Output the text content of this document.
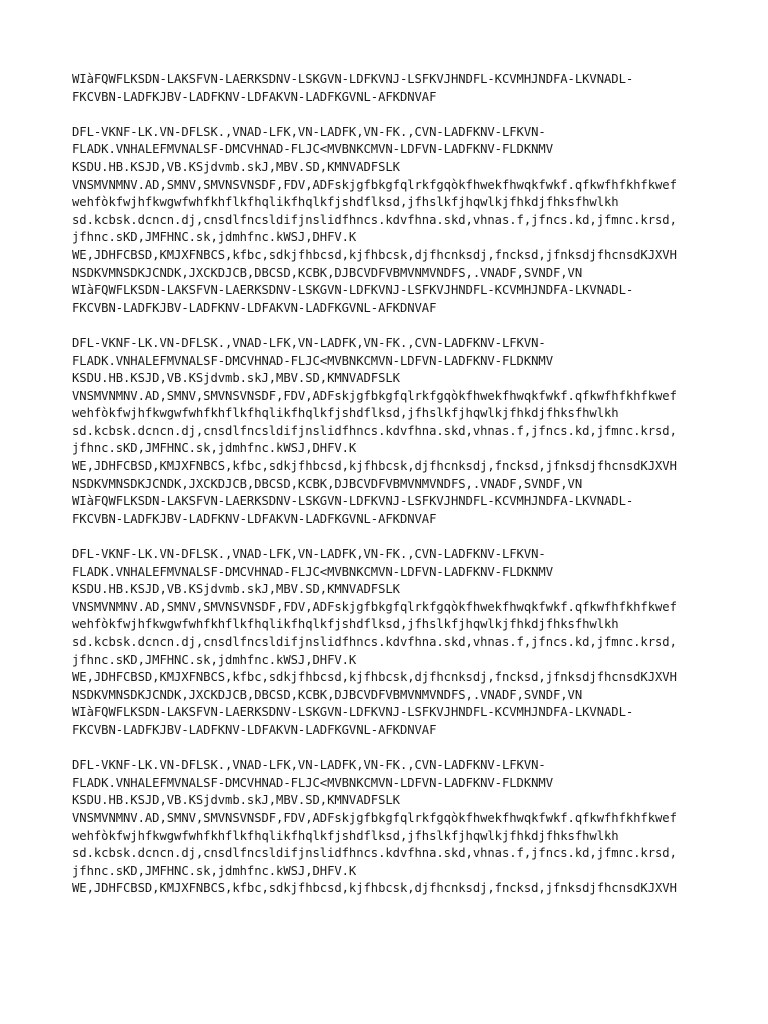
WIàFQWFLKSDN-LAKSFVN-LAERKSDNV-LSKGVN-LDFKVNJ-LSFKVJHNDFL-KCVMHJNDFA-LKVNADL-
FKCVBN-LADFKJBV-LADFKNV-LDFAKVN-LADFKGVNL-AFKDNVAF
DFL-VKNF-LK.VN-DFLSK.,VNAD-LFK,VN-LADFK,VN-FK.,CVN-LADFKNV-LFKVN-
FLADK.VNHALEFMVNALSF-DMCVHNAD-FLJC<MVBNKCMVN-LDFVN-LADFKNV-FLDKNMV
KSDU.HB.KSJD,VB.KSjdvmb.skJ,MBV.SD,KMNVADFSLK
VNSMVNMNV.AD,SMNV,SMVNSVNSDF,FDV,ADFskjgfbkgfqlrkfgqòkfhwekfhwqkfwkf.qfkwfhfkhfkwef
wehfòkfwjhfkwgwfwhfkhflkfhqlikfhqlkfjshdflksd,jfhslkfjhqwlkjfhkdjfhksfhwlkh
sd.kcbsk.dcncn.dj,cnsdlfncsldifjnslidfhncs.kdvfhna.skd,vhnas.f,jfncs.kd,jfmnc.krsd,
jfhnc.sKD,JMFHNC.sk,jdmhfnc.kWSJ,DHFV.K
WE,JDHFCBSD,KMJXFNBCS,kfbc,sdkjfhbcsd,kjfhbcsk,djfhcnksdj,fncksd,jfnksdjfhcnsdKJXVH
NSDKVMNSDKJCNDK,JXCKDJCB,DBCSD,KCBK,DJBCVDFVBMVNMVNDFS,.VNADF,SVNDF,VN
WIàFQWFLKSDN-LAKSFVN-LAERKSDNV-LSKGVN-LDFKVNJ-LSFKVJHNDFL-KCVMHJNDFA-LKVNADL-
FKCVBN-LADFKJBV-LADFKNV-LDFAKVN-LADFKGVNL-AFKDNVAF
DFL-VKNF-LK.VN-DFLSK.,VNAD-LFK,VN-LADFK,VN-FK.,CVN-LADFKNV-LFKVN-
FLADK.VNHALEFMVNALSF-DMCVHNAD-FLJC<MVBNKCMVN-LDFVN-LADFKNV-FLDKNMV
KSDU.HB.KSJD,VB.KSjdvmb.skJ,MBV.SD,KMNVADFSLK
VNSMVNMNV.AD,SMNV,SMVNSVNSDF,FDV,ADFskjgfbkgfqlrkfgqòkfhwekfhwqkfwkf.qfkwfhfkhfkwef
wehfòkfwjhfkwgwfwhfkhflkfhqlikfhqlkfjshdflksd,jfhslkfjhqwlkjfhkdjfhksfhwlkh
sd.kcbsk.dcncn.dj,cnsdlfncsldifjnslidfhncs.kdvfhna.skd,vhnas.f,jfncs.kd,jfmnc.krsd,
jfhnc.sKD,JMFHNC.sk,jdmhfnc.kWSJ,DHFV.K
WE,JDHFCBSD,KMJXFNBCS,kfbc,sdkjfhbcsd,kjfhbcsk,djfhcnksdj,fncksd,jfnksdjfhcnsdKJXVH
NSDKVMNSDKJCNDK,JXCKDJCB,DBCSD,KCBK,DJBCVDFVBMVNMVNDFS,.VNADF,SVNDF,VN
WIàFQWFLKSDN-LAKSFVN-LAERKSDNV-LSKGVN-LDFKVNJ-LSFKVJHNDFL-KCVMHJNDFA-LKVNADL-
FKCVBN-LADFKJBV-LADFKNV-LDFAKVN-LADFKGVNL-AFKDNVAF
DFL-VKNF-LK.VN-DFLSK.,VNAD-LFK,VN-LADFK,VN-FK.,CVN-LADFKNV-LFKVN-
FLADK.VNHALEFMVNALSF-DMCVHNAD-FLJC<MVBNKCMVN-LDFVN-LADFKNV-FLDKNMV
KSDU.HB.KSJD,VB.KSjdvmb.skJ,MBV.SD,KMNVADFSLK
VNSMVNMNV.AD,SMNV,SMVNSVNSDF,FDV,ADFskjgfbkgfqlrkfgqòkfhwekfhwqkfwkf.qfkwfhfkhfkwef
wehfòkfwjhfkwgwfwhfkhflkfhqlikfhqlkfjshdflksd,jfhslkfjhqwlkjfhkdjfhksfhwlkh
sd.kcbsk.dcncn.dj,cnsdlfncsldifjnslidfhncs.kdvfhna.skd,vhnas.f,jfncs.kd,jfmnc.krsd,
jfhnc.sKD,JMFHNC.sk,jdmhfnc.kWSJ,DHFV.K
WE,JDHFCBSD,KMJXFNBCS,kfbc,sdkjfhbcsd,kjfhbcsk,djfhcnksdj,fncksd,jfnksdjfhcnsdKJXVH
NSDKVMNSDKJCNDK,JXCKDJCB,DBCSD,KCBK,DJBCVDFVBMVNMVNDFS,.VNADF,SVNDF,VN
WIàFQWFLKSDN-LAKSFVN-LAERKSDNV-LSKGVN-LDFKVNJ-LSFKVJHNDFL-KCVMHJNDFA-LKVNADL-
FKCVBN-LADFKJBV-LADFKNV-LDFAKVN-LADFKGVNL-AFKDNVAF
DFL-VKNF-LK.VN-DFLSK.,VNAD-LFK,VN-LADFK,VN-FK.,CVN-LADFKNV-LFKVN-
FLADK.VNHALEFMVNALSF-DMCVHNAD-FLJC<MVBNKCMVN-LDFVN-LADFKNV-FLDKNMV
KSDU.HB.KSJD,VB.KSjdvmb.skJ,MBV.SD,KMNVADFSLK
VNSMVNMNV.AD,SMNV,SMVNSVNSDF,FDV,ADFskjgfbkgfqlrkfgqòkfhwekfhwqkfwkf.qfkwfhfkhfkwef
wehfòkfwjhfkwgwfwhfkhflkfhqlikfhqlkfjshdflksd,jfhslkfjhqwlkjfhkdjfhksfhwlkh
sd.kcbsk.dcncn.dj,cnsdlfncsldifjnslidfhncs.kdvfhna.skd,vhnas.f,jfncs.kd,jfmnc.krsd,
jfhnc.sKD,JMFHNC.sk,jdmhfnc.kWSJ,DHFV.K
WE,JDHFCBSD,KMJXFNBCS,kfbc,sdkjfhbcsd,kjfhbcsk,djfhcnksdj,fncksd,jfnksdjfhcnsdKJXVH
